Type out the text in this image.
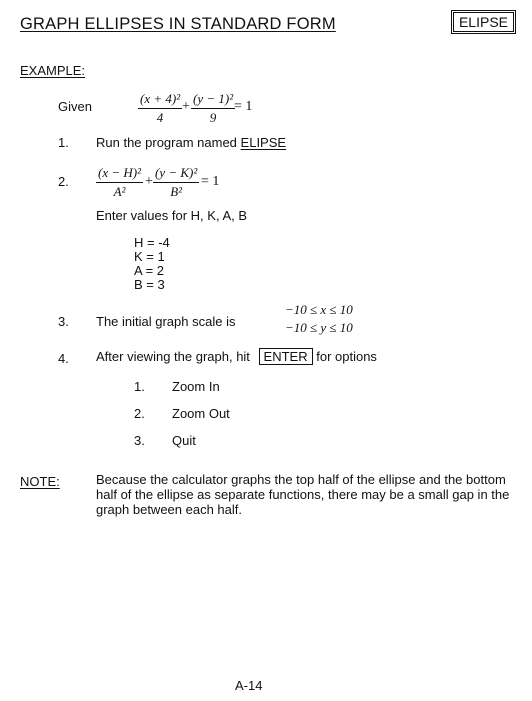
GRAPH ELLIPSES IN STANDARD FORM	ELIPSE
EXAMPLE:
Given	$\frac{\text{(x + 4)²}}{4} + \frac{\text{(y − 1)²}}{9}$
= 1
1. Run the program named ELIPSE
2. $\frac{\text{(x − H)²}}{\text{A²}} + \frac{\text{(y − K)²}}{\text{B²}} = 1$
Enter values for H, K, A, B
H = -4
K = 1
A = 2
B = 3
3. The initial graph scale is
−10 ≤ x ≤ 10
−10 ≤ y ≤ 10
4. After viewing the graph, hit ENTER for options
1. Zoom In
2. Zoom Out
3. Quit
NOTE:	Because the calculator graphs the top half of the ellipse and the bottom half of the ellipse as separate functions, there may be a small gap in the graph between each half.
A-14
